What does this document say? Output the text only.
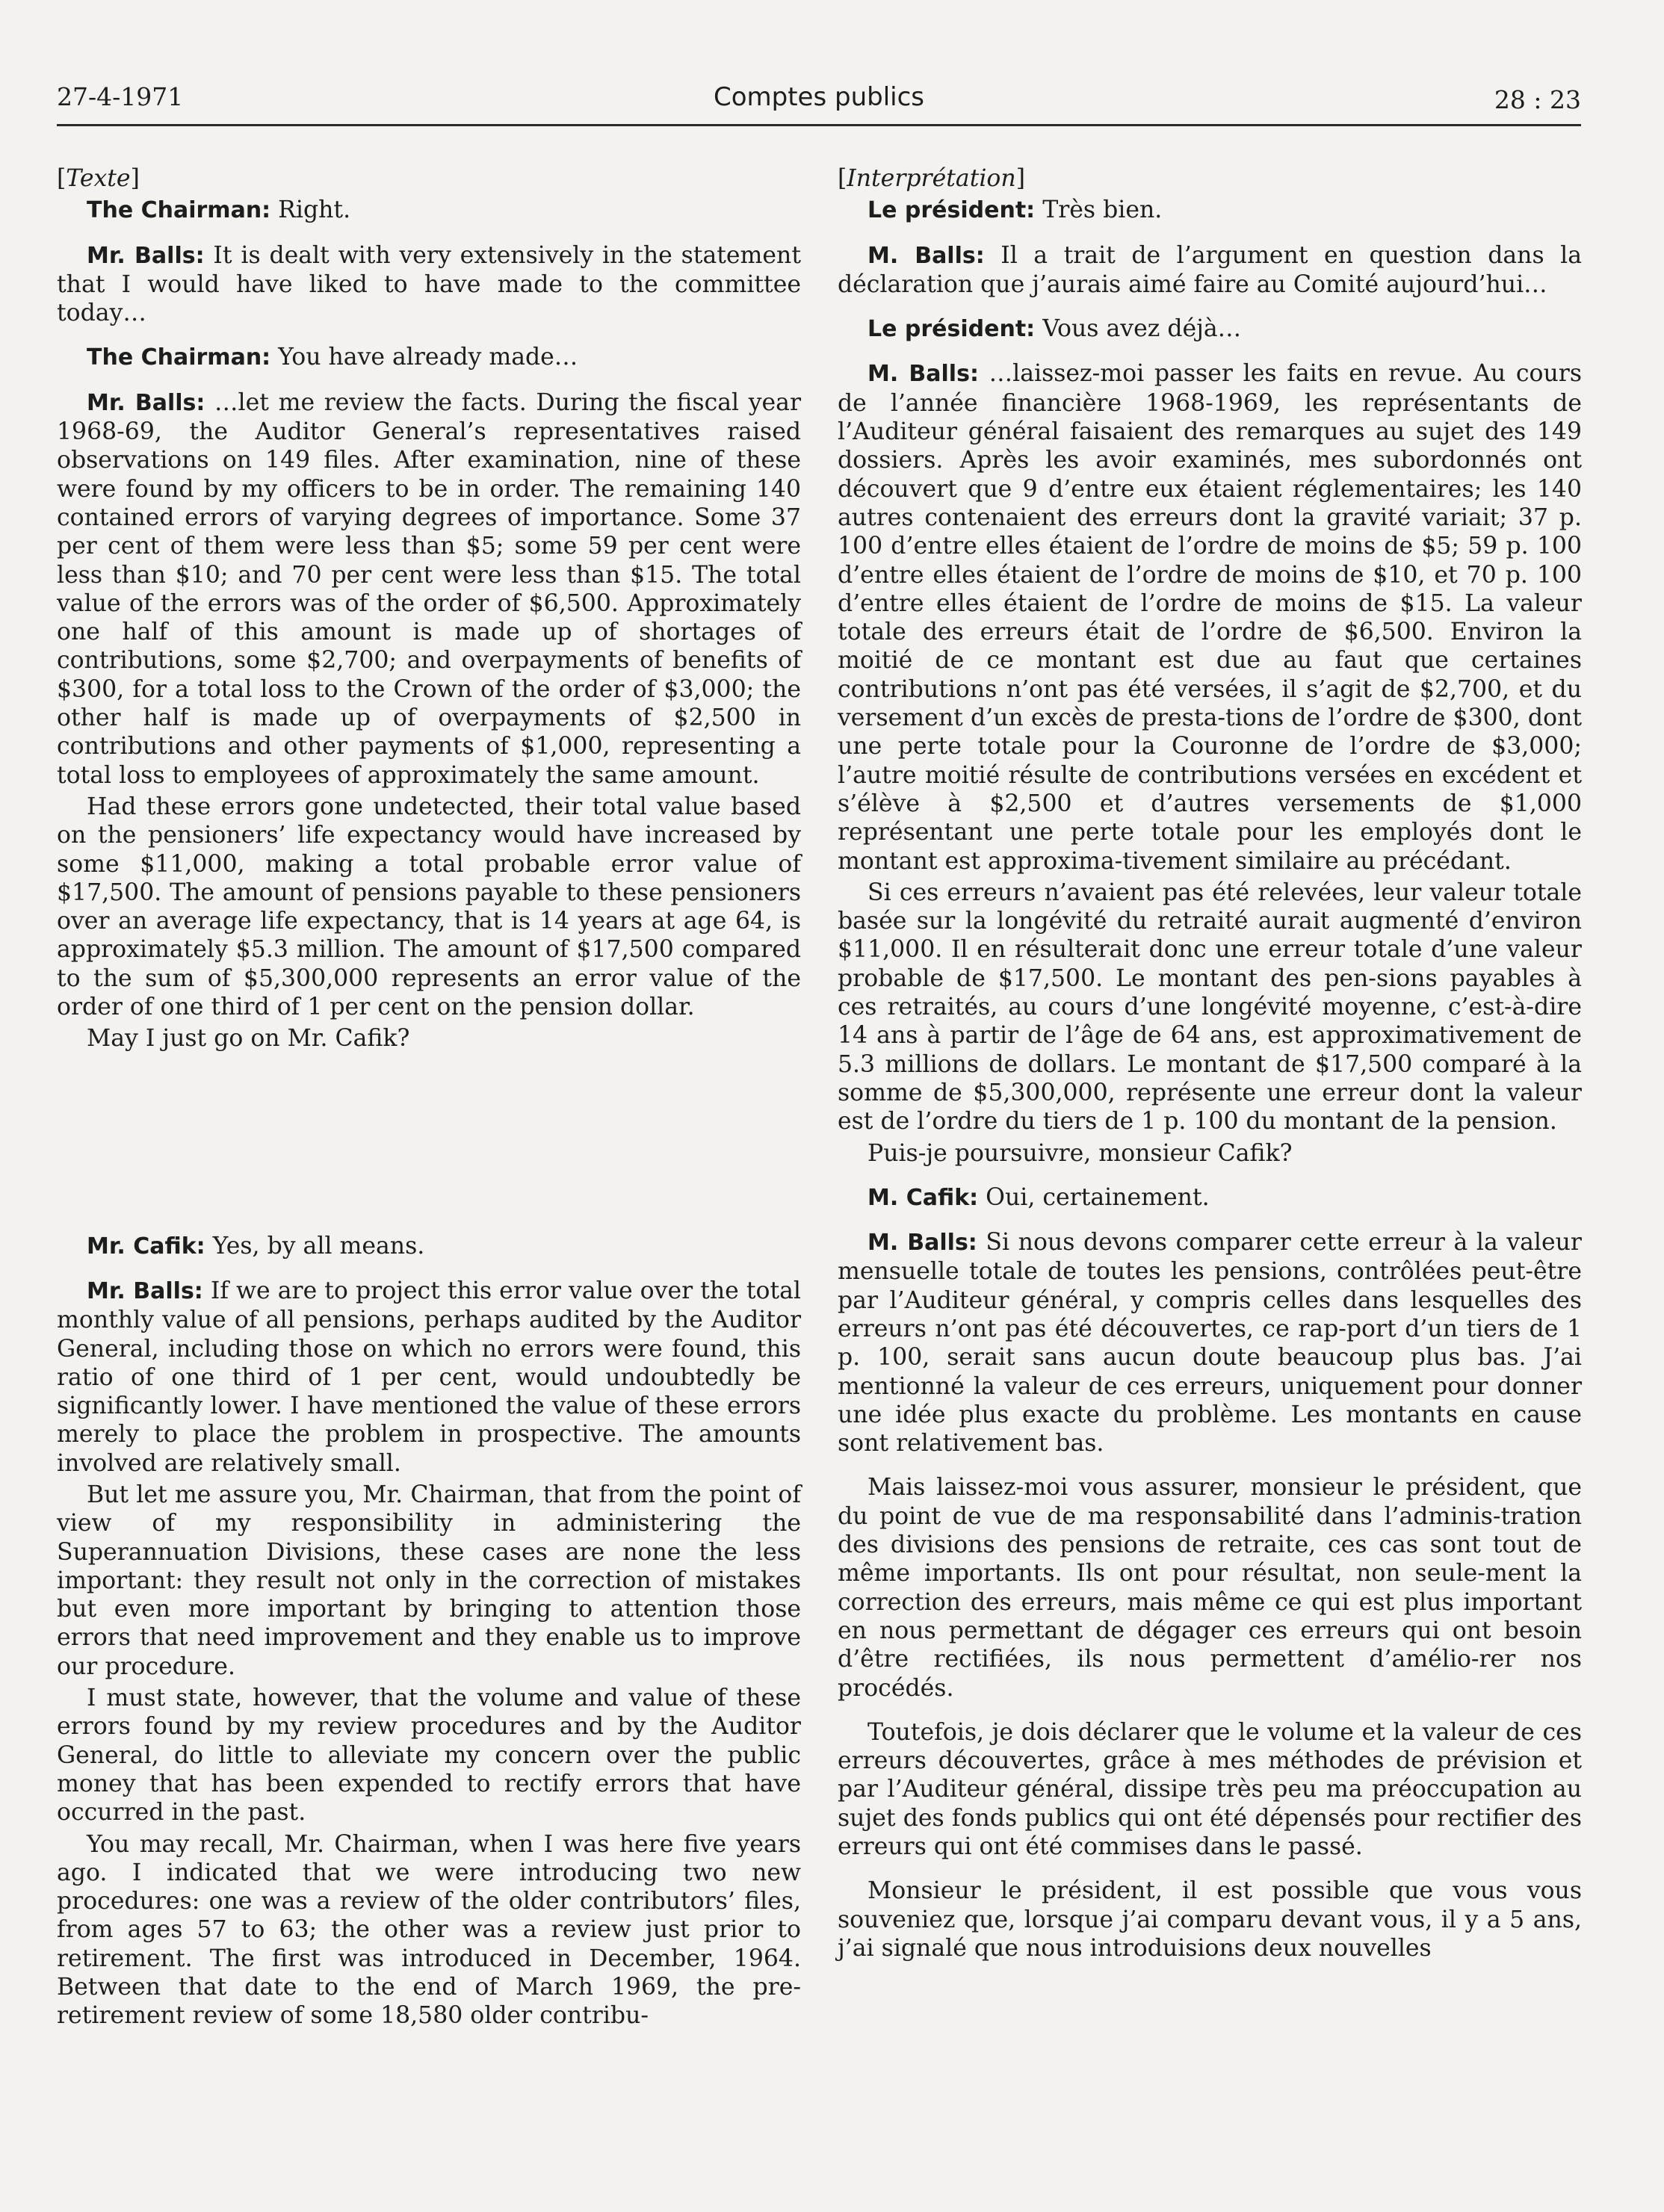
27-4-1971	Comptes publics	28 : 23

[Texte]

The Chairman: Right.

Mr. Balls: It is dealt with very extensively in the statement that I would have liked to have made to the committee today…

The Chairman: You have already made…

Mr. Balls: …let me review the facts. During the fiscal year 1968-69, the Auditor General’s representatives raised observations on 149 files. After examination, nine of these were found by my officers to be in order. The remaining 140 contained errors of varying degrees of importance. Some 37 per cent of them were less than $5; some 59 per cent were less than $10; and 70 per cent were less than $15. The total value of the errors was of the order of $6,500. Approximately one half of this amount is made up of shortages of contributions, some $2,700; and overpayments of benefits of $300, for a total loss to the Crown of the order of $3,000; the other half is made up of overpayments of $2,500 in contributions and other payments of $1,000, representing a total loss to employees of approximately the same amount.

Had these errors gone undetected, their total value based on the pensioners’ life expectancy would have increased by some $11,000, making a total probable error value of $17,500. The amount of pensions payable to these pensioners over an average life expectancy, that is 14 years at age 64, is approximately $5.3 million. The amount of $17,500 compared to the sum of $5,300,000 represents an error value of the order of one third of 1 per cent on the pension dollar.

May I just go on Mr. Cafik?

Mr. Cafik: Yes, by all means.

Mr. Balls: If we are to project this error value over the total monthly value of all pensions, perhaps audited by the Auditor General, including those on which no errors were found, this ratio of one third of 1 per cent, would undoubtedly be significantly lower. I have mentioned the value of these errors merely to place the problem in prospective. The amounts involved are relatively small.

But let me assure you, Mr. Chairman, that from the point of view of my responsibility in administering the Superannuation Divisions, these cases are none the less important: they result not only in the correction of mistakes but even more important by bringing to attention those errors that need improvement and they enable us to improve our procedure.

I must state, however, that the volume and value of these errors found by my review procedures and by the Auditor General, do little to alleviate my concern over the public money that has been expended to rectify errors that have occurred in the past.

You may recall, Mr. Chairman, when I was here five years ago. I indicated that we were introducing two new procedures: one was a review of the older contributors’ files, from ages 57 to 63; the other was a review just prior to retirement. The first was introduced in December, 1964. Between that date to the end of March 1969, the pre-retirement review of some 18,580 older contribu-

[Interprétation]

Le président: Très bien.

M. Balls: Il a trait de l’argument en question dans la déclaration que j’aurais aimé faire au Comité aujourd’hui…

Le président: Vous avez déjà…

M. Balls: …laissez-moi passer les faits en revue. Au cours de l’année financière 1968-1969, les représentants de l’Auditeur général faisaient des remarques au sujet des 149 dossiers. Après les avoir examinés, mes subordonnés ont découvert que 9 d’entre eux étaient réglementaires; les 140 autres contenaient des erreurs dont la gravité variait; 37 p. 100 d’entre elles étaient de l’ordre de moins de $5; 59 p. 100 d’entre elles étaient de l’ordre de moins de $10, et 70 p. 100 d’entre elles étaient de l’ordre de moins de $15. La valeur totale des erreurs était de l’ordre de $6,500. Environ la moitié de ce montant est due au faut que certaines contributions n’ont pas été versées, il s’agit de $2,700, et du versement d’un excès de presta-tions de l’ordre de $300, dont une perte totale pour la Couronne de l’ordre de $3,000; l’autre moitié résulte de contributions versées en excédent et s’élève à $2,500 et d’autres versements de $1,000 représentant une perte totale pour les employés dont le montant est approxima-tivement similaire au précédant.

Si ces erreurs n’avaient pas été relevées, leur valeur totale basée sur la longévité du retraité aurait augmenté d’environ $11,000. Il en résulterait donc une erreur totale d’une valeur probable de $17,500. Le montant des pen-sions payables à ces retraités, au cours d’une longévité moyenne, c’est-à-dire 14 ans à partir de l’âge de 64 ans, est approximativement de 5.3 millions de dollars. Le montant de $17,500 comparé à la somme de $5,300,000, représente une erreur dont la valeur est de l’ordre du tiers de 1 p. 100 du montant de la pension.

Puis-je poursuivre, monsieur Cafik?

M. Cafik: Oui, certainement.

M. Balls: Si nous devons comparer cette erreur à la valeur mensuelle totale de toutes les pensions, contrôlées peut-être par l’Auditeur général, y compris celles dans lesquelles des erreurs n’ont pas été découvertes, ce rap-port d’un tiers de 1 p. 100, serait sans aucun doute beaucoup plus bas. J’ai mentionné la valeur de ces erreurs, uniquement pour donner une idée plus exacte du problème. Les montants en cause sont relativement bas.

Mais laissez-moi vous assurer, monsieur le président, que du point de vue de ma responsabilité dans l’adminis-tration des divisions des pensions de retraite, ces cas sont tout de même importants. Ils ont pour résultat, non seule-ment la correction des erreurs, mais même ce qui est plus important en nous permettant de dégager ces erreurs qui ont besoin d’être rectifiées, ils nous permettent d’amélio-rer nos procédés.

Toutefois, je dois déclarer que le volume et la valeur de ces erreurs découvertes, grâce à mes méthodes de prévision et par l’Auditeur général, dissipe très peu ma préoccupation au sujet des fonds publics qui ont été dépensés pour rectifier des erreurs qui ont été commises dans le passé.

Monsieur le président, il est possible que vous vous souveniez que, lorsque j’ai comparu devant vous, il y a 5 ans, j’ai signalé que nous introduisions deux nouvelles
